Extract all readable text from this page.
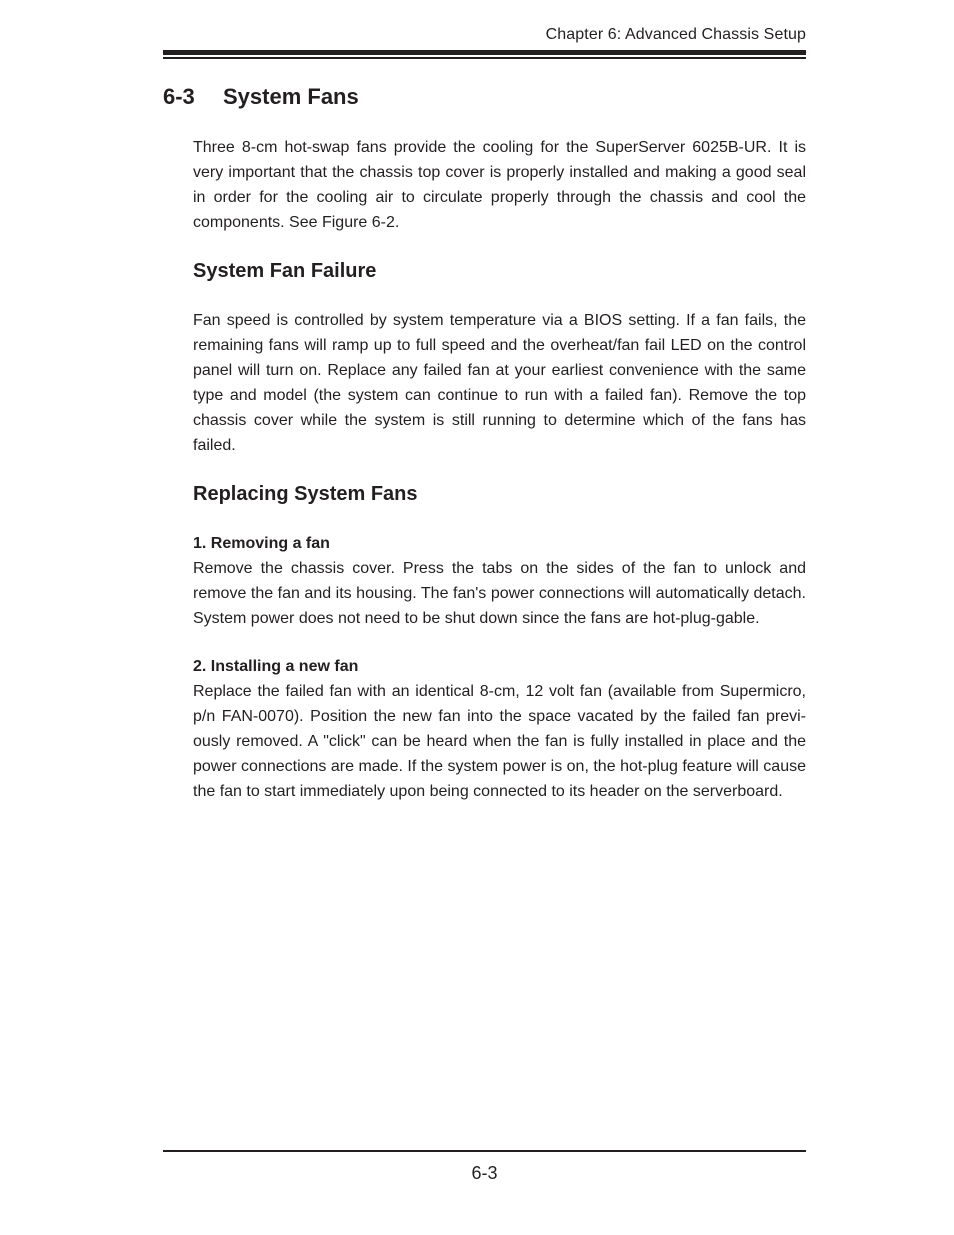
Chapter 6: Advanced Chassis Setup
6-3 System Fans

Three 8-cm hot-swap fans provide the cooling for the SuperServer 6025B-UR. It is very important that the chassis top cover is properly installed and making a good seal in order for the cooling air to circulate properly through the chassis and cool the components. See Figure 6-2.

System Fan Failure

Fan speed is controlled by system temperature via a BIOS setting. If a fan fails, the remaining fans will ramp up to full speed and the overheat/fan fail LED on the control panel will turn on. Replace any failed fan at your earliest convenience with the same type and model (the system can continue to run with a failed fan). Remove the top chassis cover while the system is still running to determine which of the fans has failed.

Replacing System Fans
1. Removing a fan

Remove the chassis cover. Press the tabs on the sides of the fan to unlock and remove the fan and its housing. The fan's power connections will automatically detach. System power does not need to be shut down since the fans are hot-plug-gable.

2. Installing a new fan

Replace the failed fan with an identical 8-cm, 12 volt fan (available from Supermicro, p/n FAN-0070). Position the new fan into the space vacated by the failed fan previ-ously removed. A "click" can be heard when the fan is fully installed in place and the power connections are made. If the system power is on, the hot-plug feature will cause the fan to start immediately upon being connected to its header on the serverboard.

6-3
